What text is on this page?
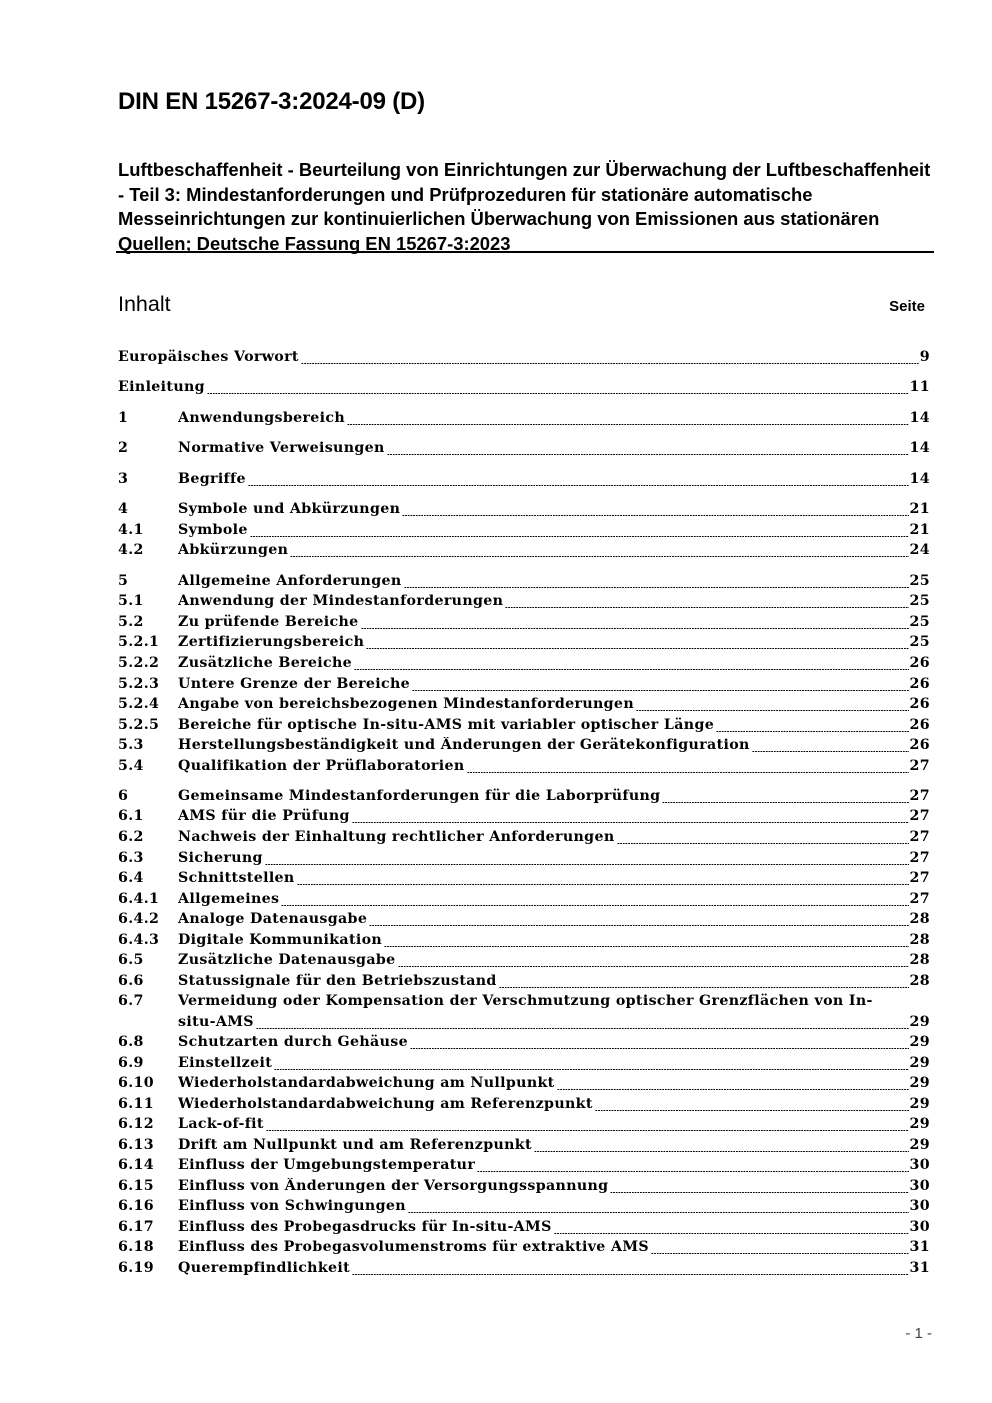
DIN EN 15267-3:2024-09 (D)
Luftbeschaffenheit - Beurteilung von Einrichtungen zur Überwachung der Luftbeschaffenheit - Teil 3: Mindestanforderungen und Prüfprozeduren für stationäre automatische Messeinrichtungen zur kontinuierlichen Überwachung von Emissionen aus stationären Quellen; Deutsche Fassung EN 15267-3:2023
Inhalt	Seite
Europäisches Vorwort	9
Einleitung	11
1	Anwendungsbereich	14
2	Normative Verweisungen	14
3	Begriffe	14
4	Symbole und Abkürzungen	21
4.1 Symbole	21
4.2 Abkürzungen	24
5	Allgemeine Anforderungen	25
5.1 Anwendung der Mindestanforderungen	25
5.2 Zu prüfende Bereiche	25
5.2.1 Zertifizierungsbereich	25
5.2.2 Zusätzliche Bereiche	26
5.2.3 Untere Grenze der Bereiche	26
5.2.4 Angabe von bereichsbezogenen Mindestanforderungen	26
5.2.5 Bereiche für optische In-situ-AMS mit variabler optischer Länge	26
5.3 Herstellungsbeständigkeit und Änderungen der Gerätekonfiguration	26
5.4 Qualifikation der Prüflaboratorien	27
6	Gemeinsame Mindestanforderungen für die Laborprüfung	27
6.1 AMS für die Prüfung	27
6.2 Nachweis der Einhaltung rechtlicher Anforderungen	27
6.3 Sicherung	27
6.4 Schnittstellen	27
6.4.1 Allgemeines	27
6.4.2 Analoge Datenausgabe	28
6.4.3 Digitale Kommunikation	28
6.5 Zusätzliche Datenausgabe	28
6.6 Statussignale für den Betriebszustand	28
6.7 Vermeidung oder Kompensation der Verschmutzung optischer Grenzflächen von In-
situ-AMS	29
6.8 Schutzarten durch Gehäuse	29
6.9 Einstellzeit	29
6.10 Wiederholstandardabweichung am Nullpunkt	29
6.11 Wiederholstandardabweichung am Referenzpunkt	29
6.12 Lack-of-fit	29
6.13 Drift am Nullpunkt und am Referenzpunkt	29
6.14 Einfluss der Umgebungstemperatur	30
6.15 Einfluss von Änderungen der Versorgungsspannung	30
6.16 Einfluss von Schwingungen	30
6.17 Einfluss des Probegasdrucks für In-situ-AMS	30
6.18 Einfluss des Probegasvolumenstroms für extraktive AMS	31
6.19 Querempfindlichkeit	31
- 1 -
